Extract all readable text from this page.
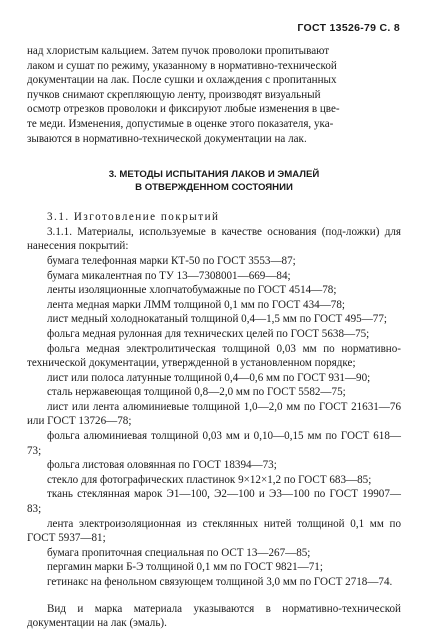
ГОСТ 13526-79 С. 8

над хлористым кальцием. Затем пучок проволоки пропитывают

лаком и сушат по режиму, указанному в нормативно-технической

документации на лак. После сушки и охлаждения с пропитанных

пучков снимают скрепляющую ленту, производят визуальный

осмотр отрезков проволоки и фиксируют любые изменения в цве-

те меди. Изменения, допустимые в оценке этого показателя, ука-

зываются в нормативно-технической документации на лак.

3. МЕТОДЫ ИСПЫТАНИЯ ЛАКОВ И ЭМАЛЕЙ
В ОТВЕРЖДЕННОМ СОСТОЯНИИ

3.1. Изготовление покрытий

3.1.1. Материалы, используемые в качестве основания (под-ложки) для нанесения покрытий:

бумага телефонная марки КТ-50 по ГОСТ 3553—87;

бумага микалентная по ТУ 13—7308001—669—84;

ленты изоляционные хлопчатобумажные по ГОСТ 4514—78;

лента медная марки ЛММ толщиной 0,1 мм по ГОСТ 434—78;

лист медный холоднокатаный толщиной 0,4—1,5 мм по ГОСТ 495—77;

фольга медная рулонная для технических целей по ГОСТ 5638—75;

фольга медная электролитическая толщиной 0,03 мм по нормативно-технической документации, утвержденной в установленном порядке;

лист или полоса латунные толщиной 0,4—0,6 мм по ГОСТ 931—90;

сталь нержавеющая толщиной 0,8—2,0 мм по ГОСТ 5582—75;

лист или лента алюминиевые толщиной 1,0—2,0 мм по ГОСТ 21631—76 или ГОСТ 13726—78;

фольга алюминиевая толщиной 0,03 мм и 0,10—0,15 мм по ГОСТ 618—73;

фольга листовая оловянная по ГОСТ 18394—73;

стекло для фотографических пластинок 9×12×1,2 по ГОСТ 683—85;

ткань стеклянная марок Э1—100, Э2—100 и Э3—100 по ГОСТ 19907—83;

лента электроизоляционная из стеклянных нитей толщиной 0,1 мм по ГОСТ 5937—81;

бумага пропиточная специальная по ОСТ 13—267—85;

пергамин марки Б-Э толщиной 0,1 мм по ГОСТ 9821—71;

гетинакс на фенольном связующем толщиной 3,0 мм по ГОСТ 2718—74.

Вид и марка материала указываются в нормативно-технической документации на лак (эмаль).
